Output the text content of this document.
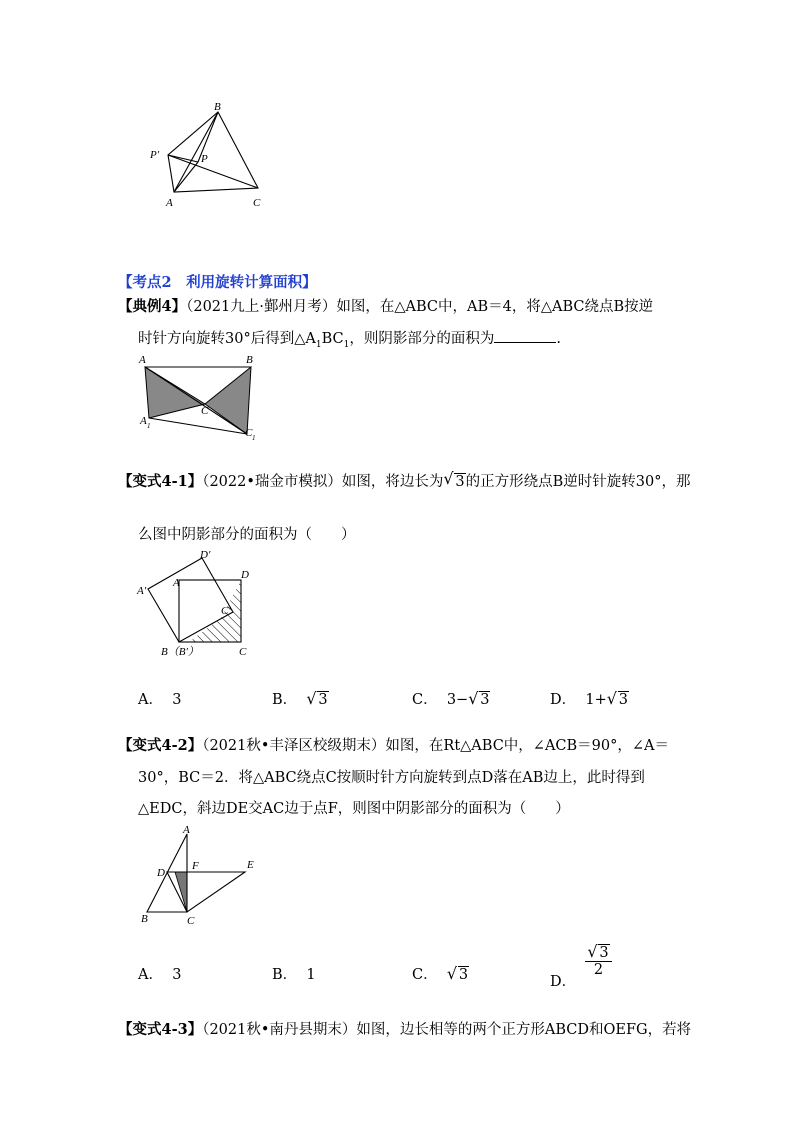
B
P'	P
A	C
【考点2　利用旋转计算面积】
【典例4】（2021九上·鄞州月考）如图，在△ABC中，AB＝4，将△ABC绕点B按逆
时针方向旋转30°后得到$\triangle A_1BC_1$，则阴影部分的面积为	.
A	B
C
A 1
C 1
【变式4-1】（2022•瑞金市模拟）如图，将边长为 √ 3的正方形绕点B逆时针旋转30°，那
么图中阴影部分的面积为（　　）
D′
A′
A
D
C′
B（B′）	C
A． 3	B． √ 3	C． 3− √ 3	D． 1+ √ 3
【变式4-2】（2021秋•丰泽区校级期末）如图，在Rt△ABC中，∠ACB＝90°，∠A＝
30°，BC＝2．将△ABC绕点C按顺时针方向旋转到点D落在AB边上，此时得到
△EDC，斜边DE交AC边于点F，则图中阴影部分的面积为（　　）
A
D
F	E
B	C
A． 3	B． 1	C． √ 3	D．
$\frac{√ 3}{2}$
【变式4-3】（2021秋•南丹县期末）如图，边长相等的两个正方形ABCD和OEFG，若将
